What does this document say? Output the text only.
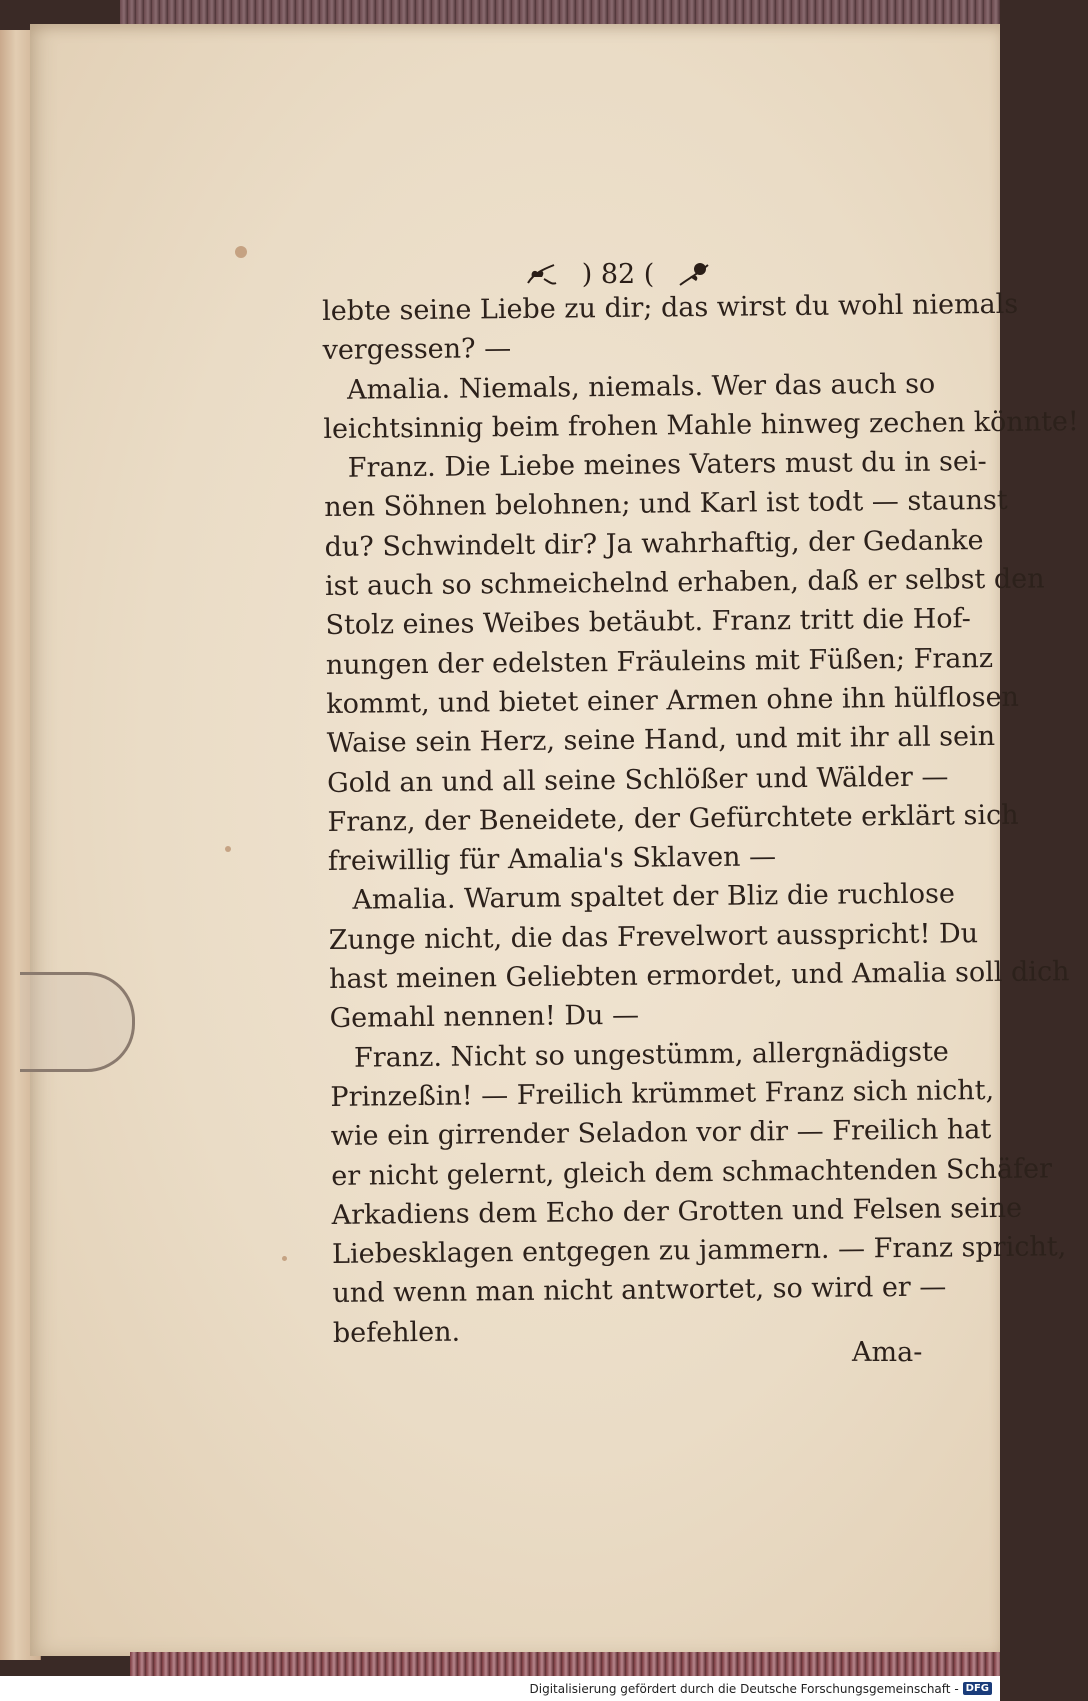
) 82 (
lebte seine Liebe zu dir; das wirst du wohl niemals
vergessen? —
Amalia. Niemals, niemals. Wer das auch so
leichtsinnig beim frohen Mahle hinweg zechen könnte!
Franz. Die Liebe meines Vaters must du in sei-
nen Söhnen belohnen; und Karl ist todt — staunst
du? Schwindelt dir? Ja wahrhaftig, der Gedanke
ist auch so schmeichelnd erhaben, daß er selbst den
Stolz eines Weibes betäubt. Franz tritt die Hof-
nungen der edelsten Fräuleins mit Füßen; Franz
kommt, und bietet einer Armen ohne ihn hülflosen
Waise sein Herz, seine Hand, und mit ihr all sein
Gold an und all seine Schlößer und Wälder —
Franz, der Beneidete, der Gefürchtete erklärt sich
freiwillig für Amalia's Sklaven —
Amalia. Warum spaltet der Bliz die ruchlose
Zunge nicht, die das Frevelwort ausspricht! Du
hast meinen Geliebten ermordet, und Amalia soll dich
Gemahl nennen! Du —
Franz. Nicht so ungestümm, allergnädigste
Prinzeßin! — Freilich krümmet Franz sich nicht,
wie ein girrender Seladon vor dir — Freilich hat
er nicht gelernt, gleich dem schmachtenden Schäfer
Arkadiens dem Echo der Grotten und Felsen seine
Liebesklagen entgegen zu jammern. — Franz spricht,
und wenn man nicht antwortet, so wird er —
befehlen.
Ama-
Digitalisierung gefördert durch die Deutsche Forschungsgemeinschaft - DFG
